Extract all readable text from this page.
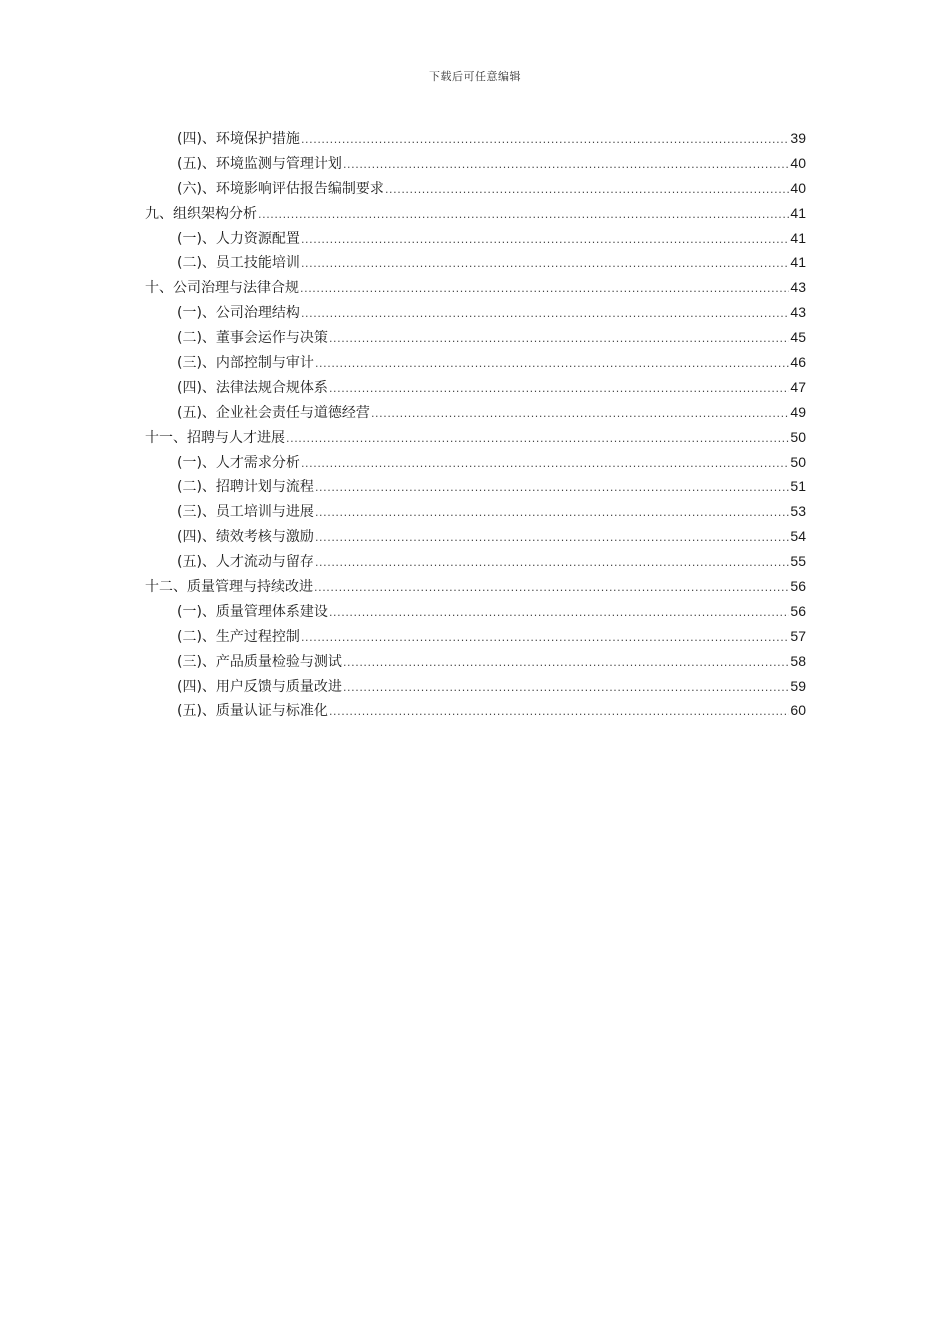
下载后可任意编辑
(四)、环境保护措施 .....	39
(五)、环境监测与管理计划 .....	40
(六)、环境影响评估报告编制要求 .....	40
九、组织架构分析 .....	41
(一)、人力资源配置 .....	41
(二)、员工技能培训 .....	41
十、公司治理与法律合规 .....	43
(一)、公司治理结构 .....	43
(二)、董事会运作与决策 .....	45
(三)、内部控制与审计 .....	46
(四)、法律法规合规体系 .....	47
(五)、企业社会责任与道德经营 .....	49
十一、招聘与人才进展 .....	50
(一)、人才需求分析 .....	50
(二)、招聘计划与流程 .....	51
(三)、员工培训与进展 .....	53
(四)、绩效考核与激励 .....	54
(五)、人才流动与留存 .....	55
十二、质量管理与持续改进 .....	56
(一)、质量管理体系建设 .....	56
(二)、生产过程控制 .....	57
(三)、产品质量检验与测试 .....	58
(四)、用户反馈与质量改进 .....	59
(五)、质量认证与标准化 .....	60
